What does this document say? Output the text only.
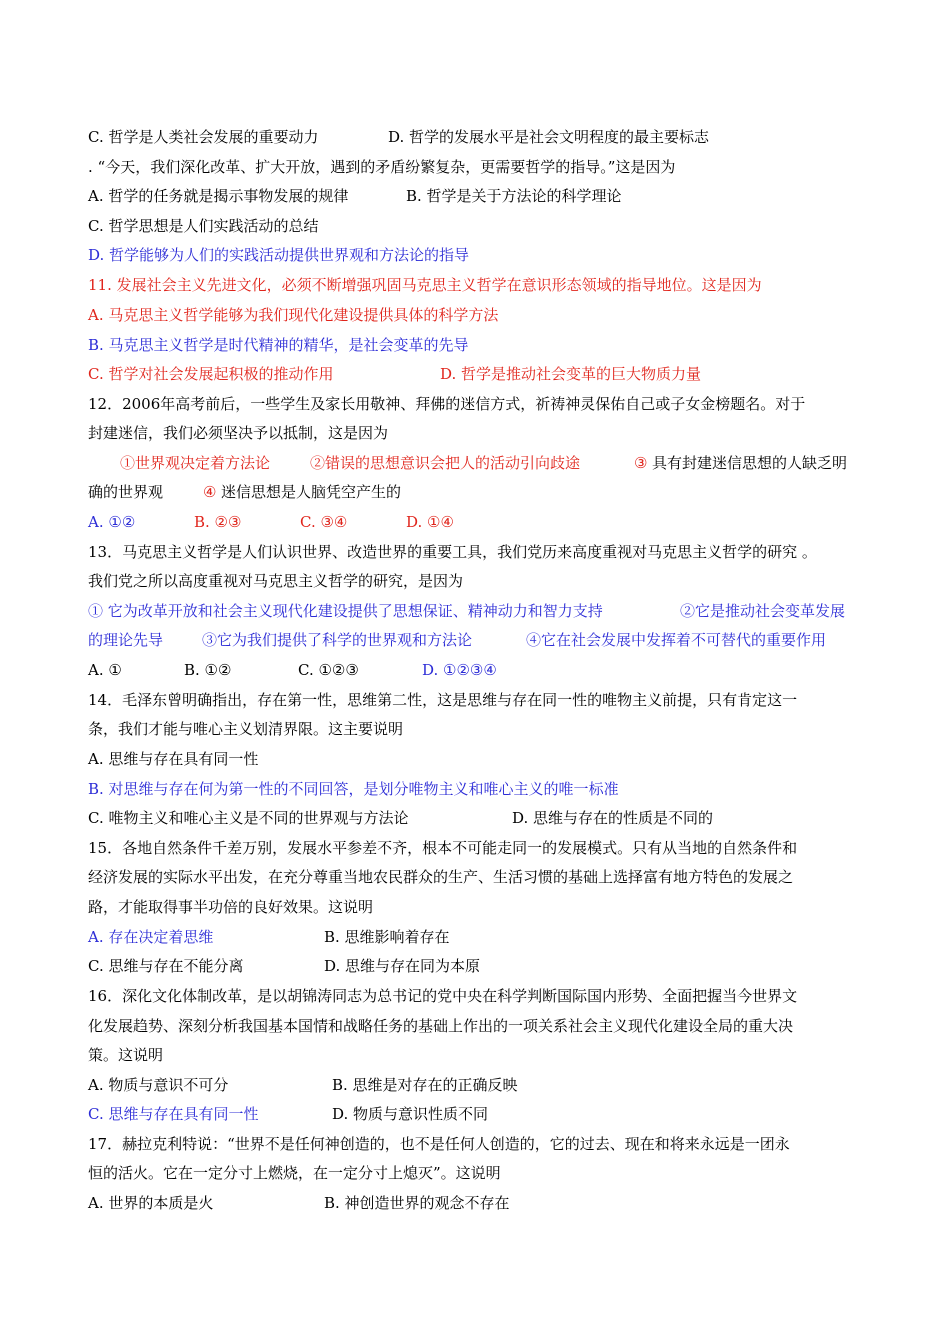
C. 哲学是人类社会发展的重要动力	D. 哲学的发展水平是社会文明程度的最主要标志
. “今天，我们深化改革、扩大开放，遇到的矛盾纷繁复杂，更需要哲学的指导。”这是因为
A. 哲学的任务就是揭示事物发展的规律	B. 哲学是关于方法论的科学理论
C. 哲学思想是人们实践活动的总结
D. 哲学能够为人们的实践活动提供世界观和方法论的指导
11. 发展社会主义先进文化，必须不断增强巩固马克思主义哲学在意识形态领域的指导地位。这是因为
A. 马克思主义哲学能够为我们现代化建设提供具体的科学方法
B. 马克思主义哲学是时代精神的精华，是社会变革的先导
C. 哲学对社会发展起积极的推动作用	D. 哲学是推动社会变革的巨大物质力量
12．2006年高考前后，一些学生及家长用敬神、拜佛的迷信方式，祈祷神灵保佑自己或子女金榜题名。对于
封建迷信，我们必须坚决予以抵制，这是因为
①世界观决定着方法论	②错误的思想意识会把人的活动引向歧途	③ 具有封建迷信思想的人缺乏明
确的世界观	④ 迷信思想是人脑凭空产生的
A. ①②	B. ②③	C. ③④	D. ①④
13．马克思主义哲学是人们认识世界、改造世界的重要工具，我们党历来高度重视对马克思主义哲学的研究 。
我们党之所以高度重视对马克思主义哲学的研究，是因为
① 它为改革开放和社会主义现代化建设提供了思想保证、精神动力和智力支持	②它是推动社会变革发展
的理论先导	③它为我们提供了科学的世界观和方法论	④它在社会发展中发挥着不可替代的重要作用
A. ①	B. ①②	C. ①②③	D. ①②③④
14．毛泽东曾明确指出，存在第一性，思维第二性，这是思维与存在同一性的唯物主义前提，只有肯定这一
条，我们才能与唯心主义划清界限。这主要说明
A. 思维与存在具有同一性
B. 对思维与存在何为第一性的不同回答，是划分唯物主义和唯心主义的唯一标准
C. 唯物主义和唯心主义是不同的世界观与方法论	D. 思维与存在的性质是不同的
15．各地自然条件千差万别，发展水平参差不齐，根本不可能走同一的发展模式。只有从当地的自然条件和
经济发展的实际水平出发，在充分尊重当地农民群众的生产、生活习惯的基础上选择富有地方特色的发展之
路，才能取得事半功倍的良好效果。这说明
A. 存在决定着思维	B. 思维影响着存在
C. 思维与存在不能分离	D. 思维与存在同为本原
16．深化文化体制改革，是以胡锦涛同志为总书记的党中央在科学判断国际国内形势、全面把握当今世界文
化发展趋势、深刻分析我国基本国情和战略任务的基础上作出的一项关系社会主义现代化建设全局的重大决
策。这说明
A. 物质与意识不可分	B. 思维是对存在的正确反映
C. 思维与存在具有同一性	D. 物质与意识性质不同
17．赫拉克利特说：“世界不是任何神创造的，也不是任何人创造的，它的过去、现在和将来永远是一团永
恒的活火。它在一定分寸上燃烧，在一定分寸上熄灭”。这说明
A. 世界的本质是火	B. 神创造世界的观念不存在
